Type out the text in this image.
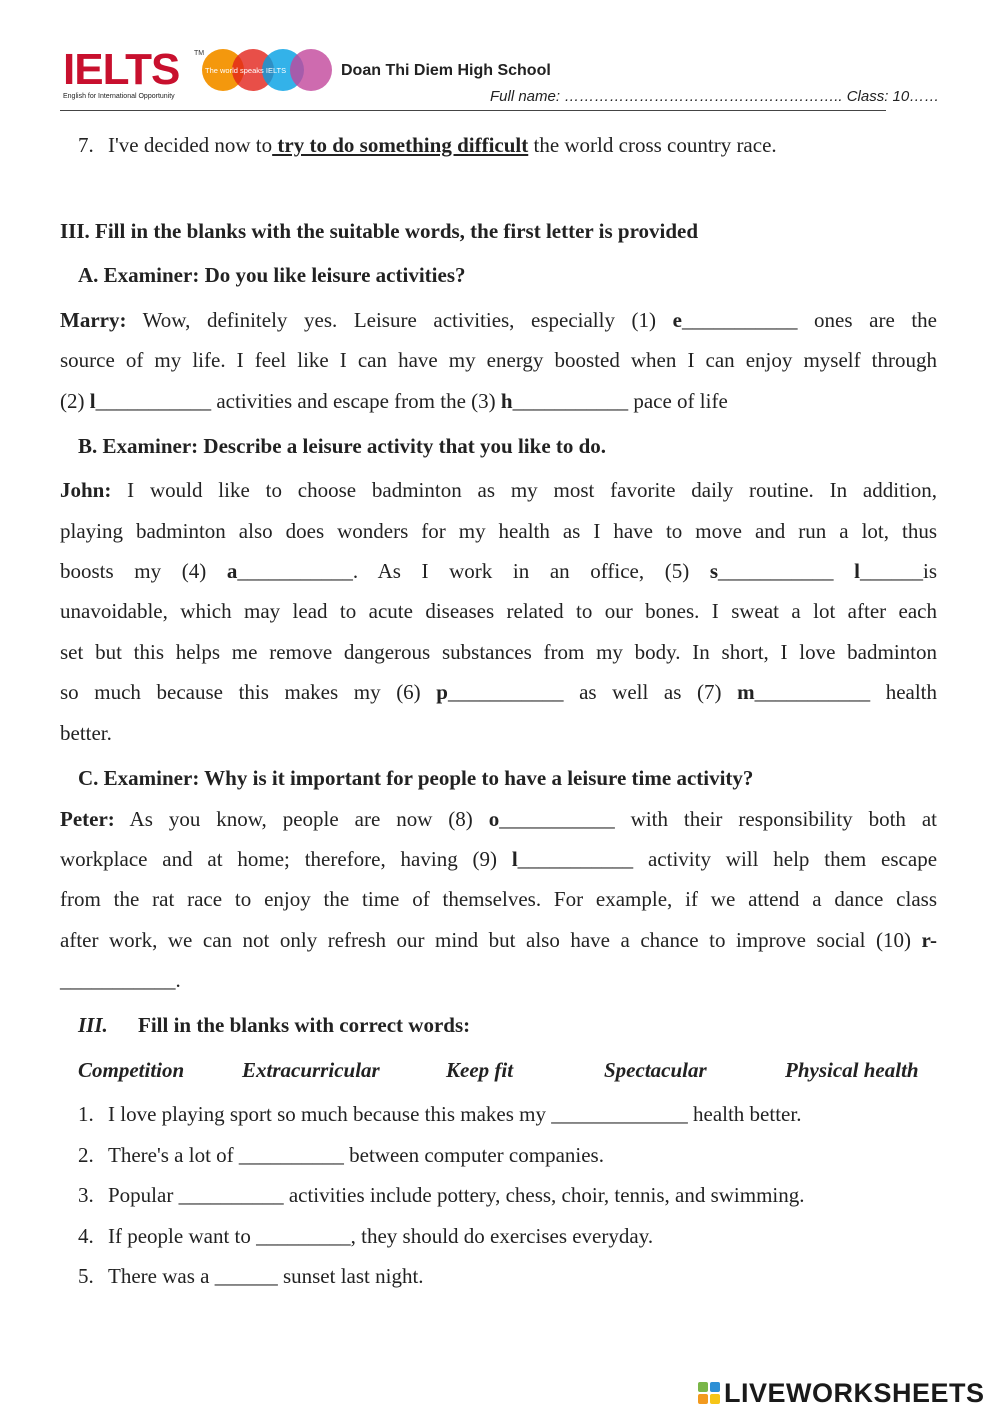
IELTS TM
The world speaks IELTS
English for International Opportunity
Doan Thi Diem High School
Full name: ……………………………………………….. Class: 10……
7. I've decided now to try to do something difficult the world cross country race.
III. Fill in the blanks with the suitable words, the first letter is provided
A. Examiner: Do you like leisure activities?
Marry: Wow, definitely yes. Leisure activities, especially (1) e___________ ones are the
source of my life. I feel like I can have my energy boosted when I can enjoy myself through
(2) l___________ activities and escape from the (3) h___________ pace of life
B. Examiner: Describe a leisure activity that you like to do.
John: I would like to choose badminton as my most favorite daily routine. In addition,
playing badminton also does wonders for my health as I have to move and run a lot, thus
boosts my (4) a___________. As I work in an office, (5) s___________ l______is
unavoidable, which may lead to acute diseases related to our bones. I sweat a lot after each
set but this helps me remove dangerous substances from my body. In short, I love badminton
so much because this makes my (6) p___________ as well as (7) m___________ health
better.
C. Examiner: Why is it important for people to have a leisure time activity?
Peter: As you know, people are now (8) o___________ with their responsibility both at
workplace and at home; therefore, having (9) l___________ activity will help them escape
from the rat race to enjoy the time of themselves. For example, if we attend a dance class
after work, we can not only refresh our mind but also have a chance to improve social (10) r-
___________.
III. Fill in the blanks with correct words:
Competition	Extracurricular	Keep fit	Spectacular	Physical health
1. I love playing sport so much because this makes my _____________ health better.
2. There's a lot of __________ between computer companies.
3. Popular __________ activities include pottery, chess, choir, tennis, and swimming.
4. If people want to _________, they should do exercises everyday.
5. There was a ______ sunset last night.
LIVEWORKSHEETS
